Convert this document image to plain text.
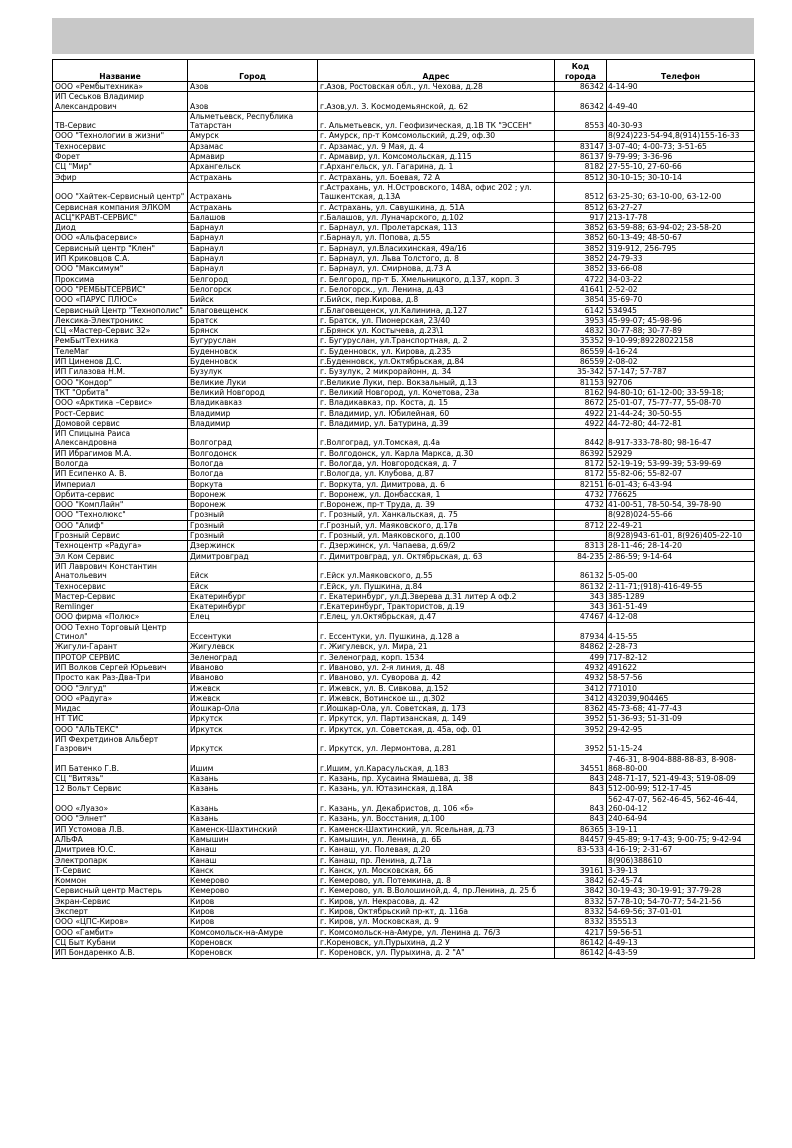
Название	Город	Адрес	Код города	Телефон
ООО «Рембытехника»	Азов	г.Азов, Ростовская обл., ул. Чехова, д.28	86342	4-14-90
ИП Сеськов Владимир Александрович	Азов	г.Азов,ул. З. Космодемьянской, д. 62	86342	4-49-40
ТВ-Сервис	Альметьевск, Республика Татарстан	г. Альметьевск, ул. Геофизическая, д.1В ТК "ЭССЕН"	8553	40-30-93
ООО "Технологии в жизни"	Амурск	г. Амурск, пр-т Комсомольский, д.29, оф.30		8(924)223-54-94,8(914)155-16-33
Техносервис	Арзамас	г. Арзамас, ул. 9 Мая, д. 4	83147	3-07-40; 4-00-73; 3-51-65
Форет	Армавир	г. Армавир, ул. Комсомольская, д.115	86137	9-79-99; 3-36-96
СЦ "Мир"	Архангельск	г.Архангельск, ул. Гагарина, д. 1	8182	27-55-10, 27-60-66
Эфир	Астрахань	г. Астрахань, ул. Боевая, 72 А	8512	30-10-15; 30-10-14
ООО "Хайтек-Сервисный центр"	Астрахань	г.Астрахань, ул. Н.Островского, 148А, офис 202 ; ул. Ташкентская, д.13А	8512	63-25-30; 63-10-00, 63-12-00
Сервисная компания ЭЛКОМ	Астрахань	г. Астрахань, ул. Савушкина, д. 51А	8512	63-27-27
АСЦ"КРАВТ-СЕРВИС"	Балашов	г.Балашов, ул. Луначарского, д.102	917	213-17-78
Диод	Барнаул	г. Барнаул, ул. Пролетарская, 113	3852	63-59-88; 63-94-02; 23-58-20
ООО «Альфасервис»	Барнаул	г.Барнаул, ул. Попова, д.55	3852	60-13-49; 48-50-67
Сервисный центр "Клен"	Барнаул	г. Барнаул, ул.Власихинская, 49а/16	3852	319-912, 256-795
ИП Криковцов С.А.	Барнаул	г. Барнаул, ул. Льва Толстого, д. 8	3852	24-79-33
ООО "Максимум"	Барнаул	г. Барнаул, ул. Смирнова, д.73 А	3852	33-66-08
Проксима	Белгород	г. Белгород, пр-т Б. Хмельницкого, д.137, корп. 3	4722	34-03-22
ООО "РЕМБЫТСЕРВИС"	Белогорск	г. Белогорск., ул. Ленина, д.43	41641	2-52-02
ООО «ПАРУС ПЛЮС»	Бийск	г.Бийск, пер.Кирова, д.8	3854	35-69-70
Сервисный Центр "Технополис"	Благовещенск	г.Благовещенск, ул.Калинина, д.127	6142	534945
Лексика-Электроникс	Братск	г. Братск, ул. Пионерская, 23/40	3953	45-99-07; 45-98-96
СЦ «Мастер-Сервис 32»	Брянск	г.Брянск ул. Костычева, д.23\1	4832	30-77-88; 30-77-89
РемБытТехника	Бугуруслан	г. Бугуруслан, ул.Транспортная, д. 2	35352	9-10-99;89228022158
ТелеМаг	Буденновск	г. Буденновск, ул. Кирова, д.235	86559	4-16-24
ИП Циненов Д.С.	Буденновск	г.Буденновск, ул.Октябрьская, д.84	86559	2-08-02
ИП Гилазова Н.М.	Бузулук	г. Бузулук, 2 микрорайонн, д. 34	35-342	57-147; 57-787
ООО "Кондор"	Великие Луки	г.Великие Луки, пер. Вокзальный, д.13	81153	92706
ТКТ "Орбита"	Великий Новгород	г. Великий Новгород, ул. Кочетова, 23а	8162	94-80-10; 61-12-00; 33-59-18;
ООО «Арктика –Сервис»	Владикавказ	г. Владикавказ, пр. Коста, д. 15	8672	25-01-07, 75-77-77, 55-08-70
Рост-Сервис	Владимир	г. Владимир, ул. Юбилейная, 60	4922	21-44-24; 30-50-55
Домовой сервис	Владимир	г. Владимир, ул. Батурина, д.39	4922	44-72-80; 44-72-81
ИП Спицына Раиса Александровна	Волгоград	г.Волгоград, ул.Томская, д.4а	8442	8-917-333-78-80; 98-16-47
ИП Ибрагимов М.А.	Волгодонск	г. Волгодонск, ул. Карла Маркса, д.30	86392	52929
Вологда	Вологда	г. Вологда, ул. Новгородская, д. 7	8172	52-19-19; 53-99-39; 53-99-69
ИП Есипенко А. В.	Вологда	г.Вологда, ул. Клубова, д.87	8172	55-82-06; 55-82-07
Империал	Воркута	г. Воркута, ул. Димитрова, д. 6	82151	6-01-43; 6-43-94
Орбита-сервис	Воронеж	г. Воронеж, ул. Донбасская, 1	4732	776625
ООО "КомпЛайн"	Воронеж	г.Воронеж, пр-т Труда, д. 39	4732	41-00-51, 78-50-54, 39-78-90
ООО "Технолюкс"	Грозный	г. Грозный, ул. Ханкальская, д. 75		8(928)024-55-66
ООО "Алиф"	Грозный	г.Грозный, ул. Маяковского, д.17в	8712	22-49-21
Грозный Сервис	Грозный	г. Грозный, ул. Маяковского, д.100		8(928)943-61-01, 8(926)405-22-10
Техноцентр «Радуга»	Дзержинск	г. Дзержинск, ул. Чапаева, д.69/2	8313	28-11-46; 28-14-20
Эл Ком Сервис	Димитровград	г. Димитровград, ул. Октябрьская, д. 63	84-235	2-86-59; 9-14-64
ИП Лаврович Константин Анатольевич	Ейск	г.Ейск ул.Маяковского, д.55	86132	5-05-00
Техносервис	Ейск	г.Ейск, ул. Пушкина, д.84	86132	2-11-71;(918)-416-49-55
Мастер-Сервис	Екатеринбург	г. Екатеринбург, ул.Д.Зверева д.31 литер А оф.2	343	385-1289
Remlinger	Екатеринбург	г.Екатеринбург, Трактористов, д.19	343	361-51-49
ООО фирма «Полюс»	Елец	г.Елец, ул.Октябрьская, д.47	47467	4-12-08
ООО Техно Торговый Центр Стинол"	Ессентуки	г. Ессентуки, ул. Пушкина, д.128 а	87934	4-15-55
Жигули-Гарант	Жигулевск	г. Жигулевск, ул. Мира, 21	84862	2-28-73
ПРОТОР СЕРВИС	Зеленоград	г. Зеленоград, корп. 1534	499	717-82-12
ИП Волков Сергей Юрьевич	Иваново	г. Иваново, ул. 2-я линия, д. 48	4932	491622
Просто как Раз-Два-Три	Иваново	г. Иваново, ул. Суворова д. 42	4932	58-57-56
ООО "Элгуд"	Ижевск	г. Ижевск, ул. В. Сивкова, д.152	3412	771010
ООО «Радуга»	Ижевск	г. Ижевск, Вотинское ш., д.302	3412	432039,904465
Мидас	Йошкар-Ола	г.Йошкар-Ола, ул. Советская, д. 173	8362	45-73-68; 41-77-43
НТ ТИС	Иркутск	г. Иркутск, ул. Партизанская, д. 149	3952	51-36-93; 51-31-09
ООО "АЛЬТЕКС"	Иркутск	г. Иркутск, ул. Советская, д. 45а, оф. 01	3952	29-42-95
ИП Фехретдинов Альберт Газрович	Иркутск	г. Иркутск, ул. Лермонтова, д.281	3952	51-15-24
ИП Батенко Г.В.	Ишим	г.Ишим, ул.Карасульская, д.183	34551	7-46-31, 8-904-888-88-83, 8-908-868-80-00
СЦ "Витязь"	Казань	г. Казань, пр. Хусаина Ямашева, д. 38	843	248-71-17, 521-49-43; 519-08-09
12 Вольт Сервис	Казань	г. Казань, ул. Ютазинская, д.18А	843	512-00-99; 512-17-45
ООО «Луазо»	Казань	г. Казань, ул. Декабристов, д. 106 «б»	843	562-47-07, 562-46-45, 562-46-44, 260-04-12
ООО "Элнет"	Казань	г. Казань, ул. Восстания, д.100	843	240-64-94
ИП Устомова Л.В.	Каменск-Шахтинский	г. Каменск-Шахтинский, ул. Ясельная, д.73	86365	3-19-11
АЛЬФА	Камышин	г. Камышин, ул. Ленина, д. 6Б	84457	9-45-89; 9-17-43; 9-00-75; 9-42-94
Дмитриев Ю.С.	Канаш	г. Канаш, ул. Полевая, д.20	83-533	4-16-19; 2-31-67
Электропарк	Канаш	г. Канаш, пр. Ленина, д.71а		8(906)388610
Т-Сервис	Канск	г. Канск, ул. Московская, 66	39161	3-39-13
Коммон	Кемерово	г. Кемерово, ул. Потемкина, д. 8	3842	62-45-74
Сервисный центр Мастерь	Кемерово	г. Кемерово, ул. В.Волошиной,д. 4, пр.Ленина, д. 25 б	3842	30-19-43; 30-19-91; 37-79-28
Экран-Сервис	Киров	г. Киров, ул. Некрасова, д. 42	8332	57-78-10; 54-70-77; 54-21-56
Эксперт	Киров	г. Киров, Октябрьский пр-кт, д. 116а	8332	54-69-56; 37-01-01
ООО «ЦПС-Киров»	Киров	г. Киров, ул. Московская, д. 9	8332	355513
ООО «Гамбит»	Комсомольск-на-Амуре	г. Комсомольск-на-Амуре, ул. Ленина д. 76/3	4217	59-56-51
СЦ Быт Кубани	Кореновск	г.Кореновск, ул.Пурыхина, д.2 У	86142	4-49-13
ИП Бондаренко А.В.	Кореновск	г. Кореновск, ул. Пурыхина, д. 2 "А"	86142	4-43-59
